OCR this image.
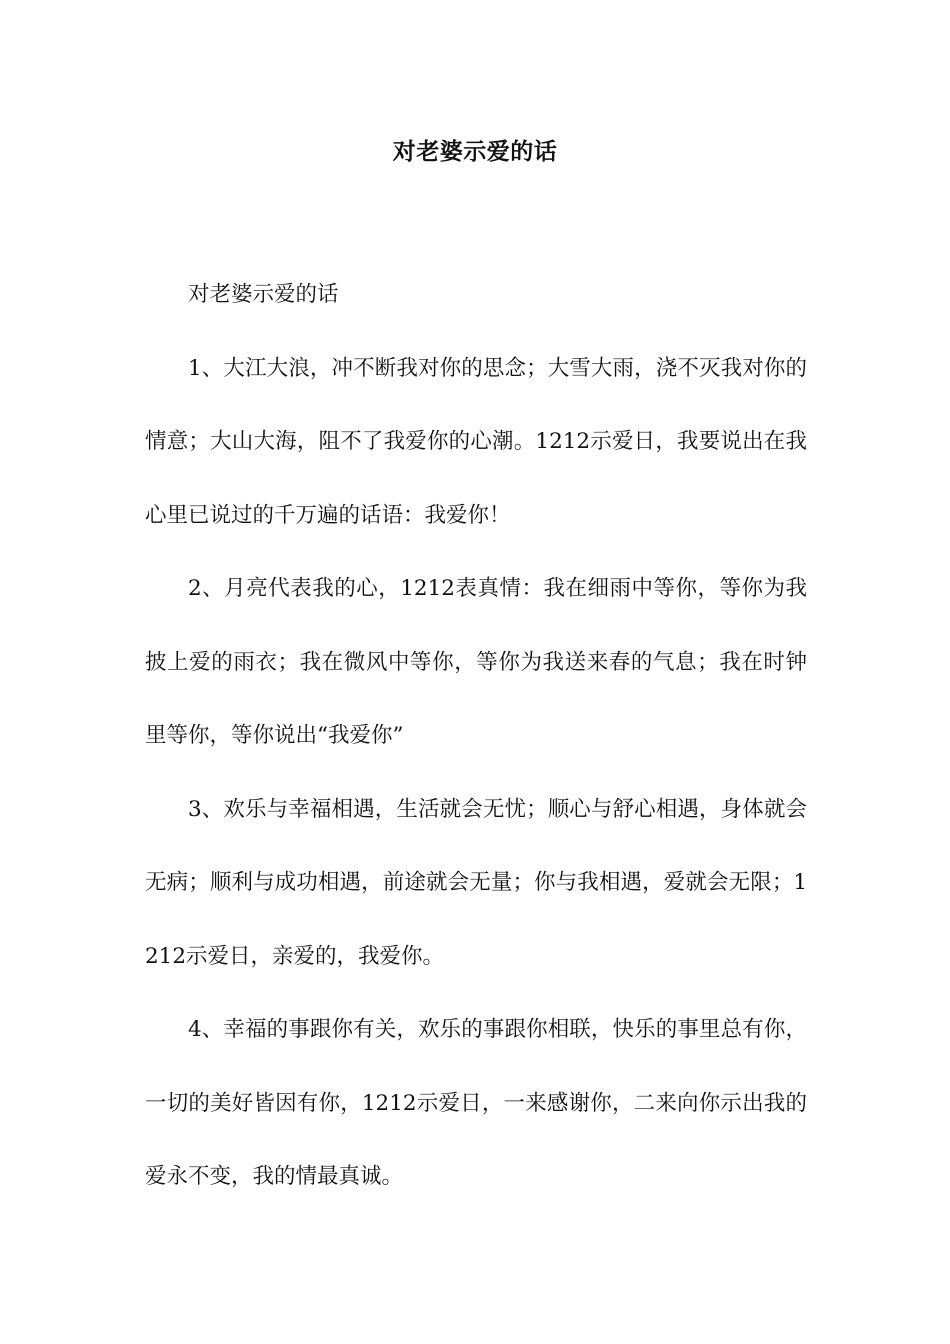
对老婆示爱的话

对老婆示爱的话

1、大江大浪，冲不断我对你的思念；大雪大雨，浇不灭我对你的情意；大山大海，阻不了我爱你的心潮。1212示爱日，我要说出在我心里已说过的千万遍的话语：我爱你！

2、月亮代表我的心，1212表真情：我在细雨中等你，等你为我披上爱的雨衣；我在微风中等你，等你为我送来春的气息；我在时钟里等你，等你说出“我爱你”

3、欢乐与幸福相遇，生活就会无忧；顺心与舒心相遇，身体就会无病；顺利与成功相遇，前途就会无量；你与我相遇，爱就会无限；1212示爱日，亲爱的，我爱你。

4、幸福的事跟你有关，欢乐的事跟你相联，快乐的事里总有你，一切的美好皆因有你，1212示爱日，一来感谢你，二来向你示出我的爱永不变，我的情最真诚。
